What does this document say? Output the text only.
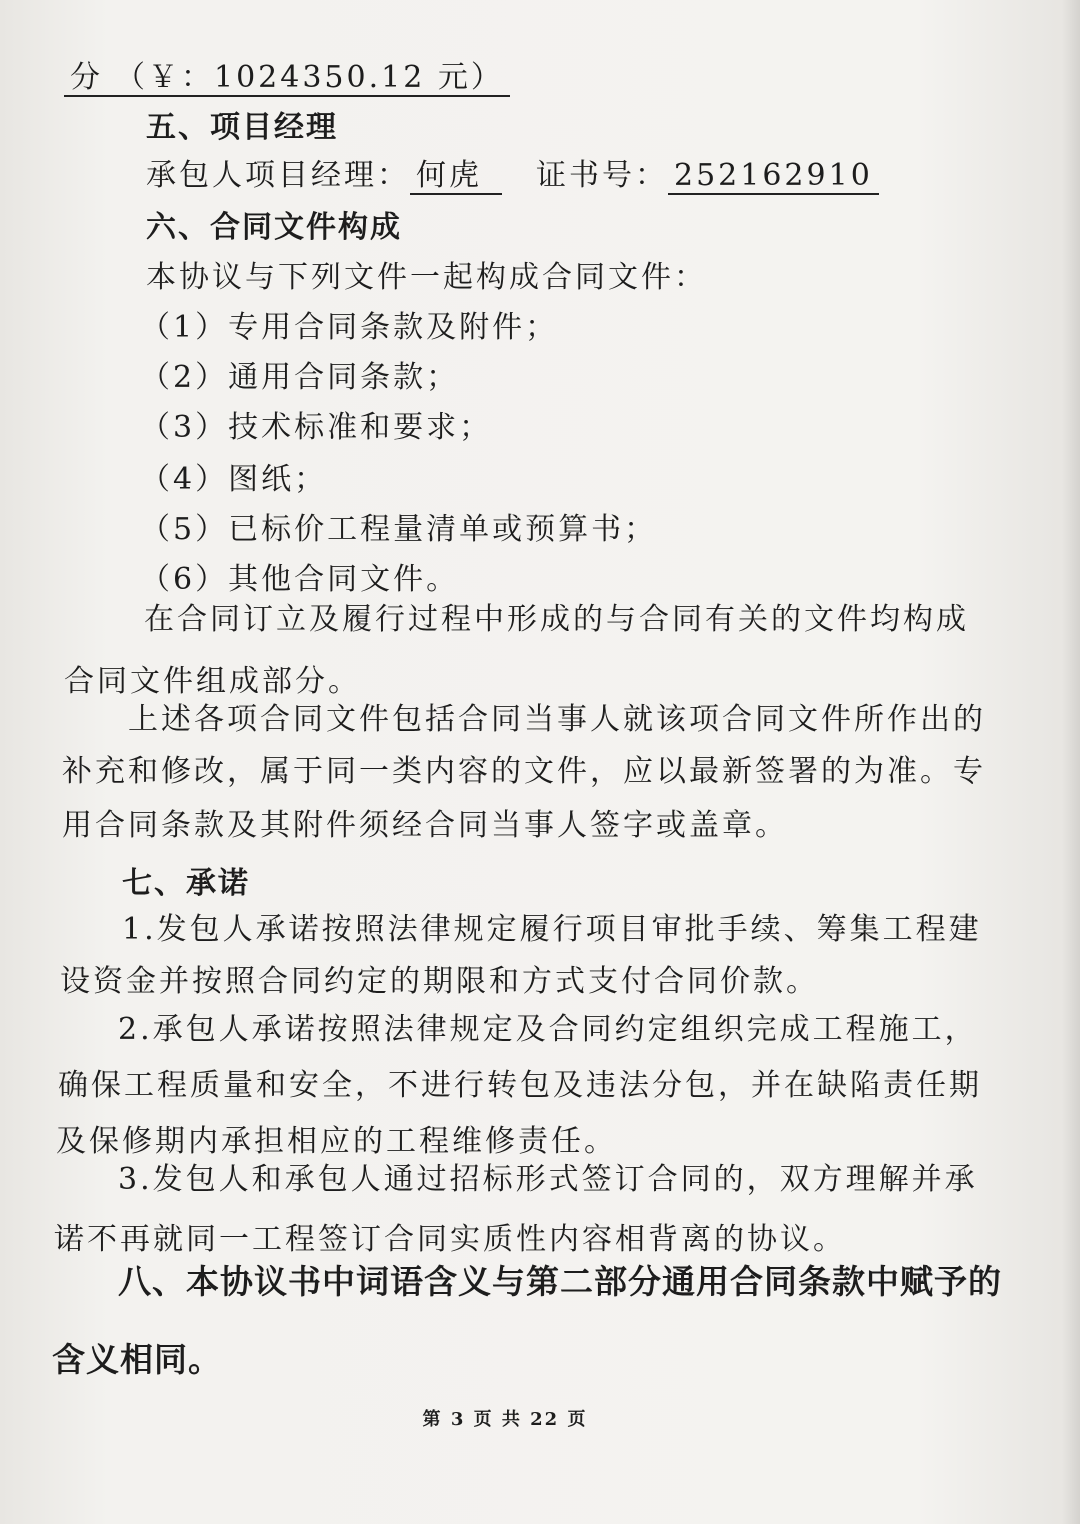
分 （￥：1024350.12 元）
五、项目经理
承包人项目经理： 何虎 证书号： 252162910
六、合同文件构成
本协议与下列文件一起构成合同文件：
（1）专用合同条款及附件；
（2）通用合同条款；
（3）技术标准和要求；
（4）图纸；
（5）已标价工程量清单或预算书；
（6）其他合同文件。
在合同订立及履行过程中形成的与合同有关的文件均构成
合同文件组成部分。
上述各项合同文件包括合同当事人就该项合同文件所作出的
补充和修改，属于同一类内容的文件，应以最新签署的为准。专
用合同条款及其附件须经合同当事人签字或盖章。
七、承诺
1.发包人承诺按照法律规定履行项目审批手续、筹集工程建
设资金并按照合同约定的期限和方式支付合同价款。
2.承包人承诺按照法律规定及合同约定组织完成工程施工，
确保工程质量和安全，不进行转包及违法分包，并在缺陷责任期
及保修期内承担相应的工程维修责任。
3.发包人和承包人通过招标形式签订合同的，双方理解并承
诺不再就同一工程签订合同实质性内容相背离的协议。
八、本协议书中词语含义与第二部分通用合同条款中赋予的
含义相同。
第 3 页 共 22 页
